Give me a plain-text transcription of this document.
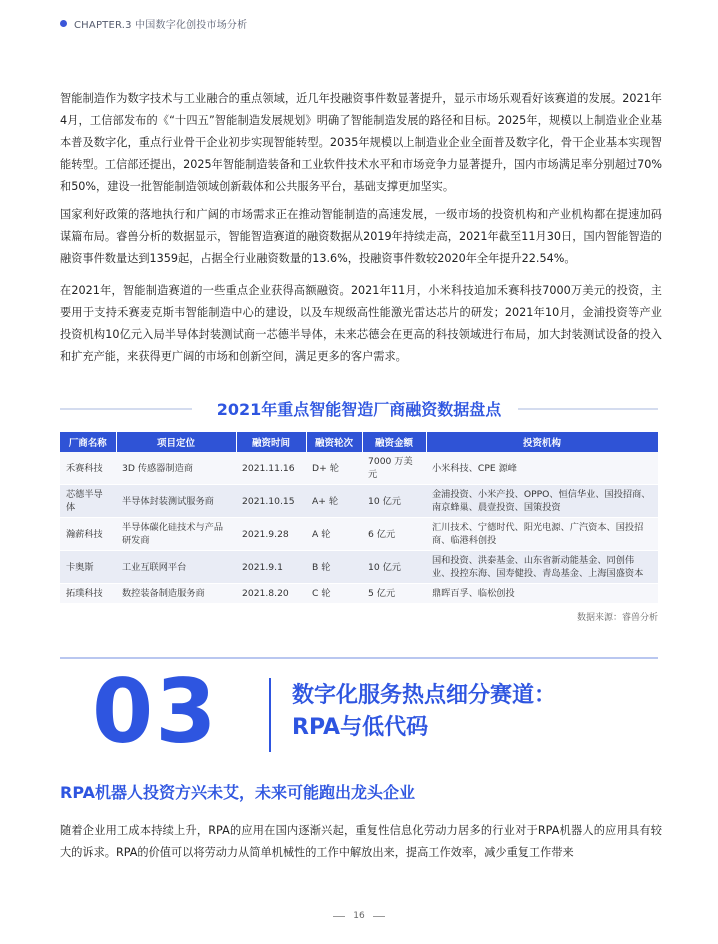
CHAPTER.3 中国数字化创投市场分析

智能制造作为数字技术与工业融合的重点领域，近几年投融资事件数显著提升，显示市场乐观看好该赛道的发展。2021年4月，工信部发布的《“十四五”智能制造发展规划》明确了智能制造发展的路径和目标。2025年，规模以上制造业企业基本普及数字化，重点行业骨干企业初步实现智能转型。2035年规模以上制造业企业全面普及数字化，骨干企业基本实现智能转型。工信部还提出，2025年智能制造装备和工业软件技术水平和市场竞争力显著提升，国内市场满足率分别超过70%和50%，建设一批智能制造领域创新载体和公共服务平台，基础支撑更加坚实。

国家利好政策的落地执行和广阔的市场需求正在推动智能制造的高速发展，一级市场的投资机构和产业机构都在提速加码谋篇布局。睿兽分析的数据显示，智能智造赛道的融资数据从2019年持续走高，2021年截至11月30日，国内智能智造的融资事件数量达到1359起，占据全行业融资数量的13.6%，投融资事件数较2020年全年提升22.54%。

在2021年，智能制造赛道的一些重点企业获得高额融资。2021年11月，小米科技追加禾赛科技7000万美元的投资，主要用于支持禾赛麦克斯韦智能制造中心的建设，以及车规级高性能激光雷达芯片的研发；2021年10月，金浦投资等产业投资机构10亿元入局半导体封装测试商一芯德半导体，未来芯德会在更高的科技领域进行布局，加大封装测试设备的投入和扩充产能，来获得更广阔的市场和创新空间，满足更多的客户需求。

2021年重点智能智造厂商融资数据盘点
厂商名称	项目定位	融资时间	融资轮次	融资金额	投资机构
禾赛科技	3D 传感器制造商	2021.11.16	D+ 轮	7000 万美元	小米科技、CPE 源峰
芯德半导体	半导体封装测试服务商	2021.10.15	A+ 轮	10 亿元	金浦投资、小米产投、OPPO、恒信华业、国投招商、南京蜂巢、晨壹投资、国策投资
瀚薪科技	半导体碳化硅技术与产品研发商	2021.9.28	A 轮	6 亿元	汇川技术、宁德时代、阳光电源、广汽资本、国投招商、临港科创投
卡奥斯	工业互联网平台	2021.9.1	B 轮	10 亿元	国和投资、洪泰基金、山东省新动能基金、同创伟业、投控东海、国寿健投、青岛基金、上海国盛资本
拓璞科技	数控装备制造服务商	2021.8.20	C 轮	5 亿元	鼎晖百孚、临松创投
数据来源：睿兽分析
03	数字化服务热点细分赛道：
RPA与低代码
RPA机器人投资方兴未艾，未来可能跑出龙头企业

随着企业用工成本持续上升，RPA的应用在国内逐渐兴起，重复性信息化劳动力居多的行业对于RPA机器人的应用具有较大的诉求。RPA的价值可以将劳动力从简单机械性的工作中解放出来，提高工作效率，减少重复工作带来

16
